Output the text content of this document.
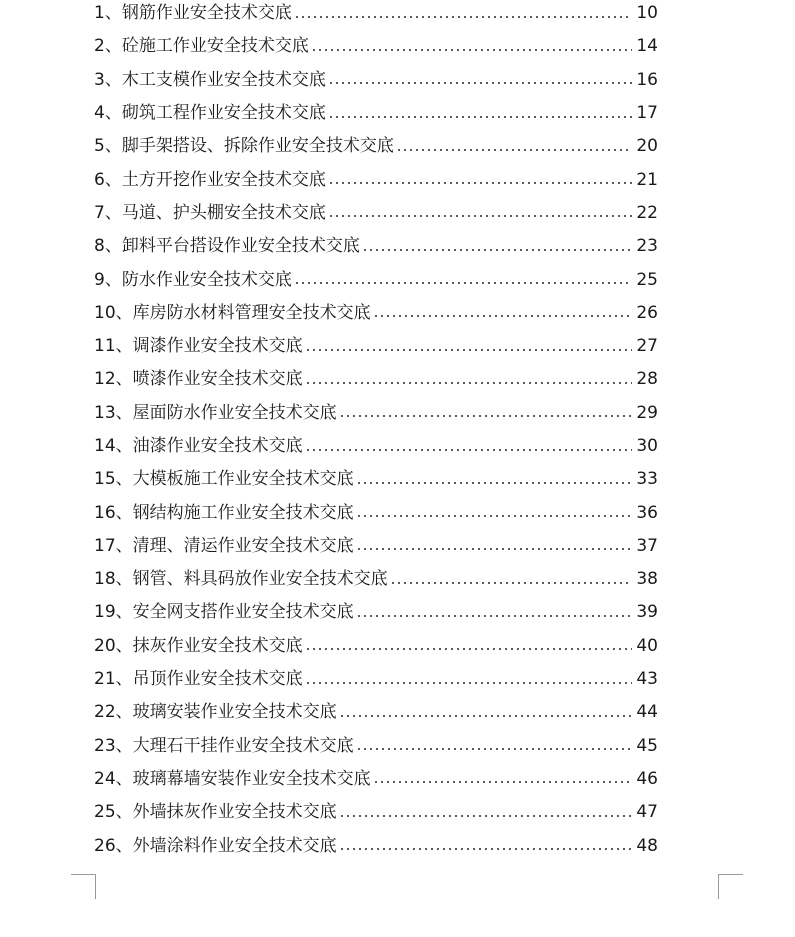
1 、 钢筋作业安全技术交底	10
2 、 砼施工作业安全技术交底	14
3 、 木工支模作业安全技术交底	16
4 、 砌筑工程作业安全技术交底	17
5 、 脚手架搭设、拆除作业安全技术交底	20
6 、 土方开挖作业安全技术交底	21
7 、 马道、护头棚安全技术交底	22
8 、 卸料平台搭设作业安全技术交底	23
9 、 防水作业安全技术交底	25
10 、 库房防水材料管理安全技术交底	26
11 、 调漆作业安全技术交底	27
12 、 喷漆作业安全技术交底	28
13 、 屋面防水作业安全技术交底	29
14 、 油漆作业安全技术交底	30
15 、 大模板施工作业安全技术交底	33
16 、 钢结构施工作业安全技术交底	36
17 、 清理、清运作业安全技术交底	37
18 、 钢管、料具码放作业安全技术交底	38
19 、 安全网支搭作业安全技术交底	39
20 、 抹灰作业安全技术交底	40
21 、 吊顶作业安全技术交底	43
22 、 玻璃安装作业安全技术交底	44
23 、 大理石干挂作业安全技术交底	45
24 、 玻璃幕墙安装作业安全技术交底	46
25 、 外墙抹灰作业安全技术交底	47
26 、 外墙涂料作业安全技术交底	48
